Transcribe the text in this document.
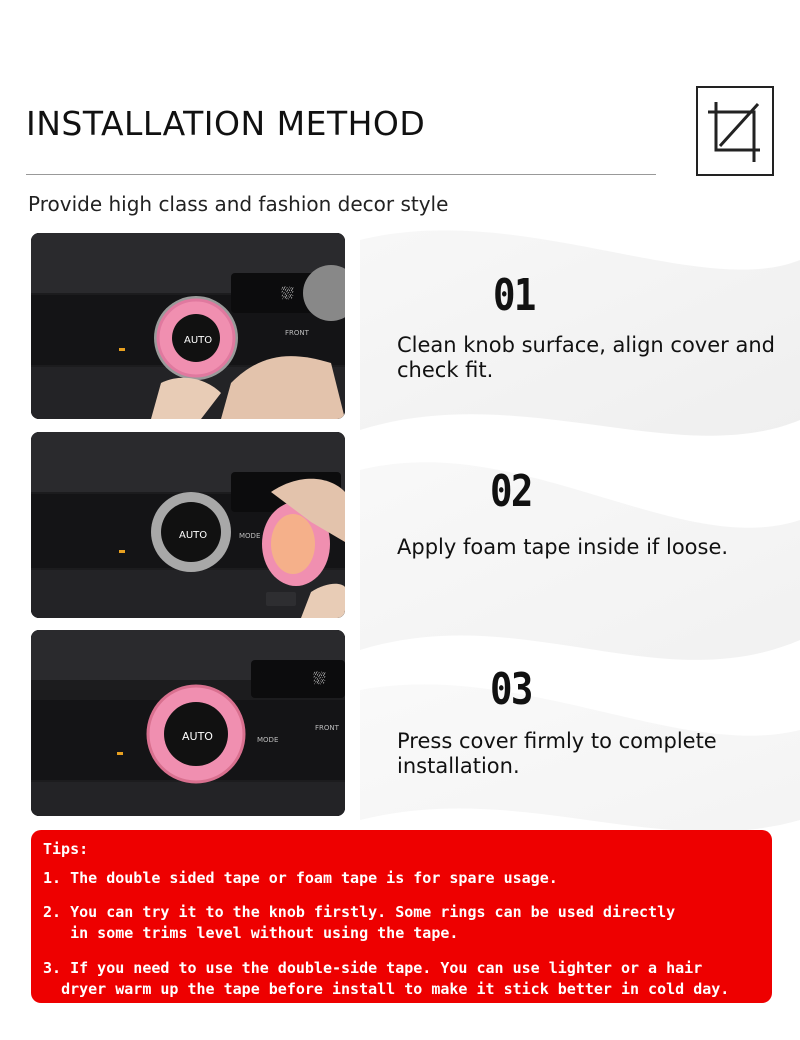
INSTALLATION METHOD
Provide high class and fashion decor style
⛆
AUTO
FRONT
01
Clean knob surface, align cover and check fit.
AUTO	MODE
02
Apply foam tape inside if loose.
⛆
AUTO	MODE
FRONT
03
Press cover firmly to complete installation.
Tips:
1. The double sided tape or foam tape is for spare usage.
2. You can try it to the knob firstly. Some rings can be used directly
in some trims level without using the tape.
3. If you need to use the double-side tape. You can use lighter or a hair
dryer warm up the tape before install to make it stick better in cold day.
